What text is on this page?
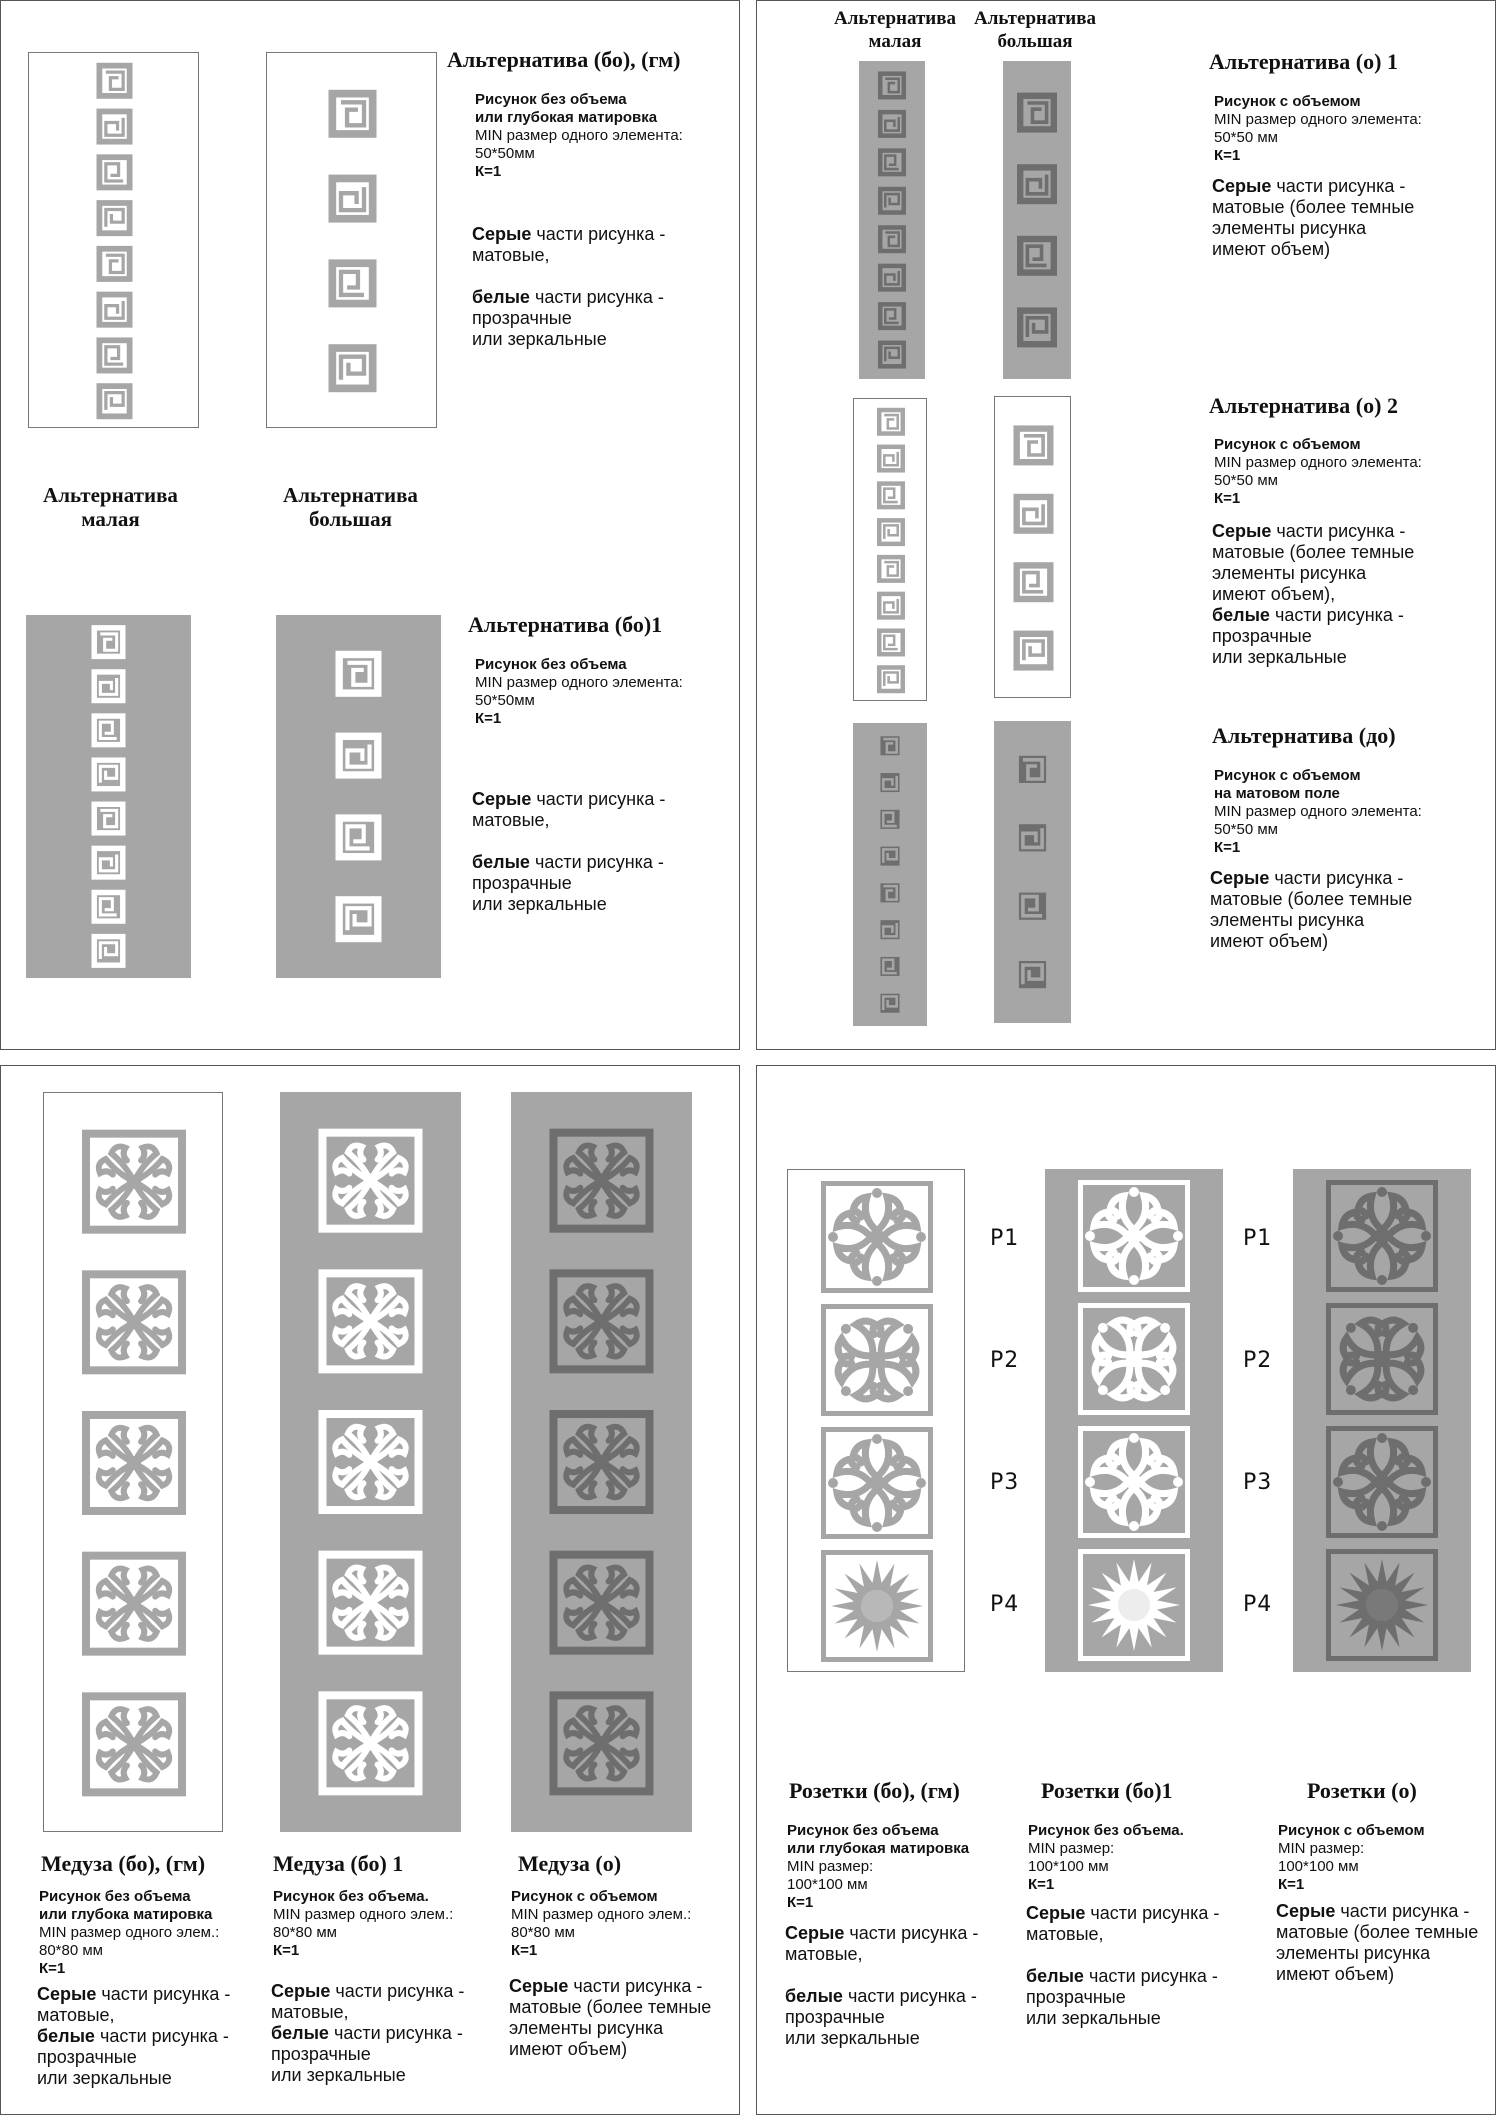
Альтернатива (бо), (гм)
Рисунок без объема
или глубокая матировка
MIN размер одного элемента:
50*50мм
К=1
Серые части рисунка -
матовые,
белые части рисунка -
прозрачные
или зеркальные
Альтернатива
малая
Альтернатива
большая
Альтернатива (бо)1
Рисунок без объема
MIN размер одного элемента:
50*50мм
К=1
Серые части рисунка -
матовые,
белые части рисунка -
прозрачные
или зеркальные
Альтернатива
малая
Альтернатива
большая
Альтернатива (о) 1
Рисунок с объемом
MIN размер одного элемента:
50*50 мм
К=1
Серые части рисунка -
матовые (более темные
элементы рисунка
имеют объем)
Альтернатива (о) 2
Рисунок с объемом
MIN размер одного элемента:
50*50 мм
К=1
Серые части рисунка -
матовые (более темные
элементы рисунка
имеют объем),
белые части рисунка -
прозрачные
или зеркальные
Альтернатива (до)
Рисунок с объемом
на матовом поле
MIN размер одного элемента:
50*50 мм
К=1
Серые части рисунка -
матовые (более темные
элементы рисунка
имеют объем)
Медуза (бо), (гм)
Рисунок без объема
или глубока матировка
MIN размер одного элем.:
80*80 мм
К=1
Серые части рисунка -
матовые,
белые части рисунка -
прозрачные
или зеркальные
Медуза (бо) 1
Рисунок без объема.
MIN размер одного элем.:
80*80 мм
К=1
Серые части рисунка -
матовые,
белые части рисунка -
прозрачные
или зеркальные
Медуза (о)
Рисунок с объемом
MIN размер одного элем.:
80*80 мм
К=1
Серые части рисунка -
матовые (более темные
элементы рисунка
имеют объем)
Р1
Р2
Р3
Р4
Р1
Р2
Р3
Р4
Розетки (бо), (гм)
Рисунок без объема
или глубокая матировка
MIN размер:
100*100 мм
К=1
Серые части рисунка -
матовые,
белые части рисунка -
прозрачные
или зеркальные
Розетки (бо)1
Рисунок без объема.
MIN размер:
100*100 мм
К=1
Серые части рисунка -
матовые,
белые части рисунка -
прозрачные
или зеркальные
Розетки (о)
Рисунок с объемом
MIN размер:
100*100 мм
К=1
Серые части рисунка -
матовые (более темные
элементы рисунка
имеют объем)
